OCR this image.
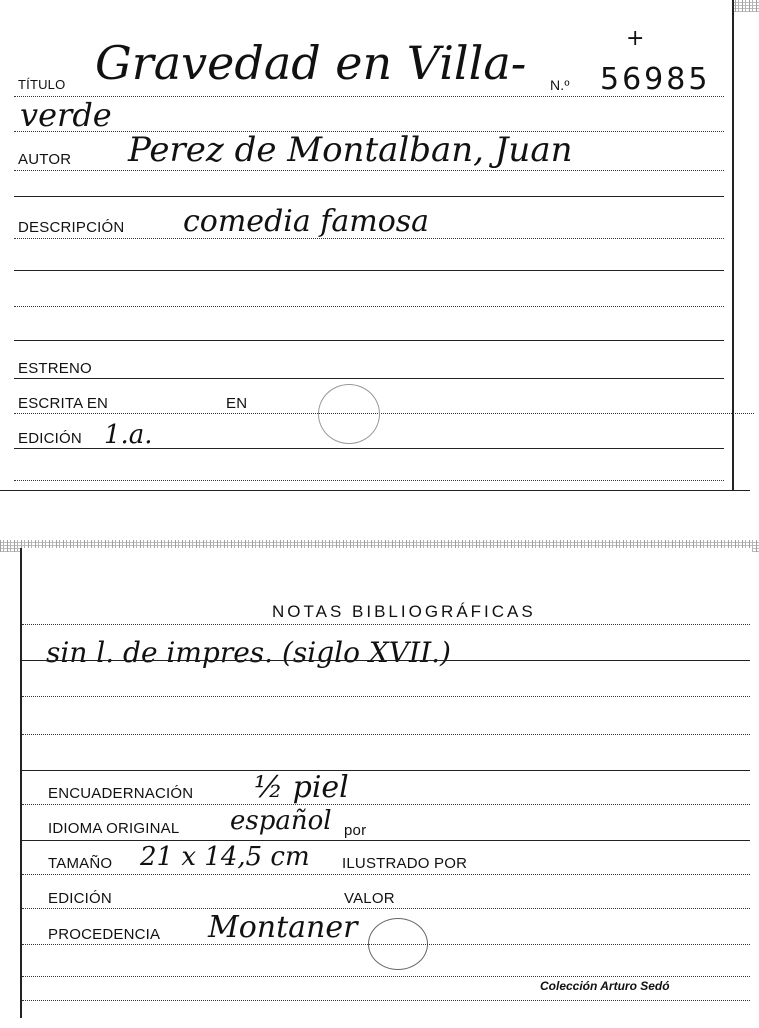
TÍTULO Gravedad en Villa- N.º
+
56985
verde
AUTOR Perez de Montalban, Juan
DESCRIPCIÓN comedia famosa
ESTRENO
ESCRITA EN	EN
EDICIÓN 1.a.
NOTAS BIBLIOGRÁFICAS
sin l. de impres. (siglo XVII.)
ENCUADERNACIÓN ½ piel
IDIOMA ORIGINAL español por
TAMAÑO 21 x 14,5 cm ILUSTRADO POR
EDICIÓN	VALOR
PROCEDENCIA Montaner
Colección Arturo Sedó
